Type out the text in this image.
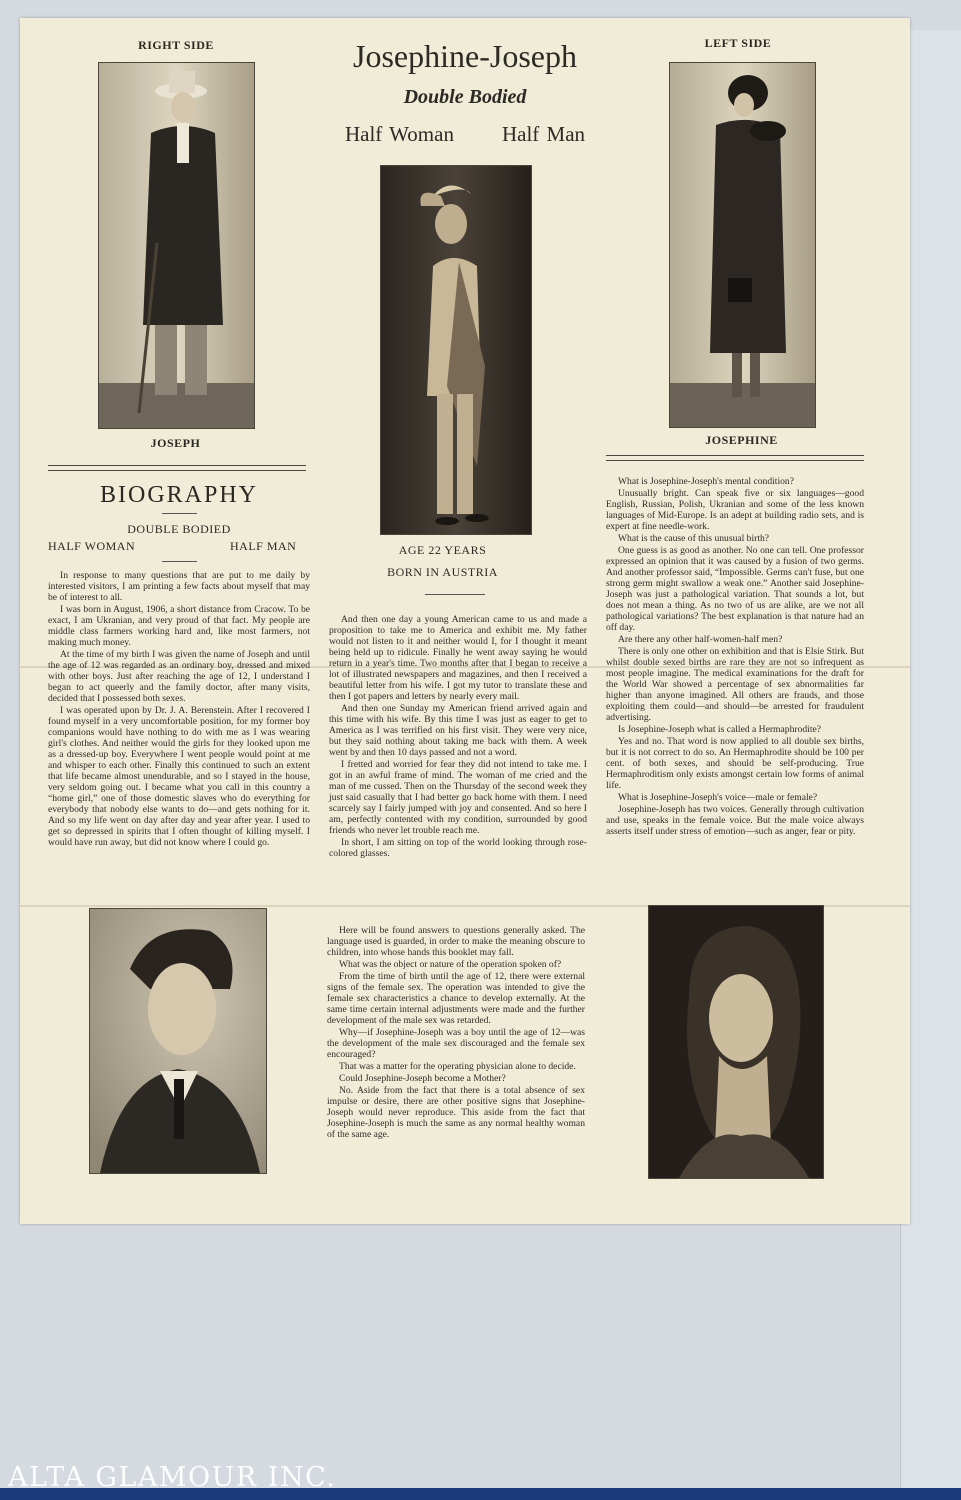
RIGHT SIDE	LEFT SIDE
Josephine-Joseph
Double Bodied
Half Woman Half Man
JOSEPH	JOSEPHINE
AGE 22 YEARS
BORN IN AUSTRIA
BIOGRAPHY
DOUBLE BODIED
HALF WOMAN	HALF MAN

In response to many questions that are put to me daily by interested visitors, I am printing a few facts about myself that may be of interest to all.

I was born in August, 1906, a short distance from Cracow. To be exact, I am Ukranian, and very proud of that fact. My people are middle class farmers working hard and, like most farmers, not making much money.

At the time of my birth I was given the name of Joseph and until the age of 12 was regarded as an ordinary boy, dressed and mixed with other boys. Just after reaching the age of 12, I understand I began to act queerly and the family doctor, after many visits, decided that I possessed both sexes.

I was operated upon by Dr. J. A. Berenstein. After I recovered I found myself in a very uncomfortable position, for my former boy companions would have nothing to do with me as I was wearing girl's clothes. And neither would the girls for they looked upon me as a dressed-up boy. Everywhere I went people would point at me and whisper to each other. Finally this continued to such an extent that life became almost unendurable, and so I stayed in the house, very seldom going out. I became what you call in this country a “home girl,” one of those domestic slaves who do everything for everybody that nobody else wants to do—and gets nothing for it. And so my life went on day after day and year after year. I used to get so depressed in spirits that I often thought of killing myself. I would have run away, but did not know where I could go.

And then one day a young American came to us and made a proposition to take me to America and exhibit me. My father would not listen to it and neither would I, for I thought it meant being held up to ridicule. Finally he went away saying he would return in a year's time. Two months after that I began to receive a lot of illustrated newspapers and magazines, and then I received a beautiful letter from his wife. I got my tutor to translate these and then I got papers and letters by nearly every mail.

And then one Sunday my American friend arrived again and this time with his wife. By this time I was just as eager to get to America as I was terrified on his first visit. They were very nice, but they said nothing about taking me back with them. A week went by and then 10 days passed and not a word.

I fretted and worried for fear they did not intend to take me. I got in an awful frame of mind. The woman of me cried and the man of me cussed. Then on the Thursday of the second week they just said casually that I had better go back home with them. I need scarcely say I fairly jumped with joy and consented. And so here I am, perfectly contented with my condition, surrounded by good friends who never let trouble reach me.

In short, I am sitting on top of the world looking through rose-colored glasses.

What is Josephine-Joseph's mental condition?

Unusually bright. Can speak five or six languages—good English, Russian, Polish, Ukranian and some of the less known languages of Mid-Europe. Is an adept at building radio sets, and is expert at fine needle-work.

What is the cause of this unusual birth?

One guess is as good as another. No one can tell. One professor expressed an opinion that it was caused by a fusion of two germs. And another professor said, “Impossible. Germs can't fuse, but one strong germ might swallow a weak one.” Another said Josephine-Joseph was just a pathological variation. That sounds a lot, but does not mean a thing. As no two of us are alike, are we not all pathological variations? The best explanation is that nature had an off day.

Are there any other half-women-half men?

There is only one other on exhibition and that is Elsie Stirk. But whilst double sexed births are rare they are not so infrequent as most people imagine. The medical examinations for the draft for the World War showed a percentage of sex abnormalities far higher than anyone imagined. All others are frauds, and those exploiting them could—and should—be arrested for fraudulent advertising.

Is Josephine-Joseph what is called a Hermaphrodite?

Yes and no. That word is now applied to all double sex births, but it is not correct to do so. An Hermaphrodite should be 100 per cent. of both sexes, and should be self-producing. True Hermaphroditism only exists amongst certain low forms of animal life.

What is Josephine-Joseph's voice—male or female?

Josephine-Joseph has two voices. Generally through cultivation and use, speaks in the female voice. But the male voice always asserts itself under stress of emotion—such as anger, fear or pity.

Here will be found answers to questions generally asked. The language used is guarded, in order to make the meaning obscure to children, into whose hands this booklet may fall.

What was the object or nature of the operation spoken of?

From the time of birth until the age of 12, there were external signs of the female sex. The operation was intended to give the female sex characteristics a chance to develop externally. At the same time certain internal adjustments were made and the further development of the male sex was retarded.

Why—if Josephine-Joseph was a boy until the age of 12—was the development of the male sex discouraged and the female sex encouraged?

That was a matter for the operating physician alone to decide.

Could Josephine-Joseph become a Mother?

No. Aside from the fact that there is a total absence of sex impulse or desire, there are other positive signs that Josephine-Joseph would never reproduce. This aside from the fact that Josephine-Joseph is much the same as any normal healthy woman of the same age.

ALTA GLAMOUR INC.
